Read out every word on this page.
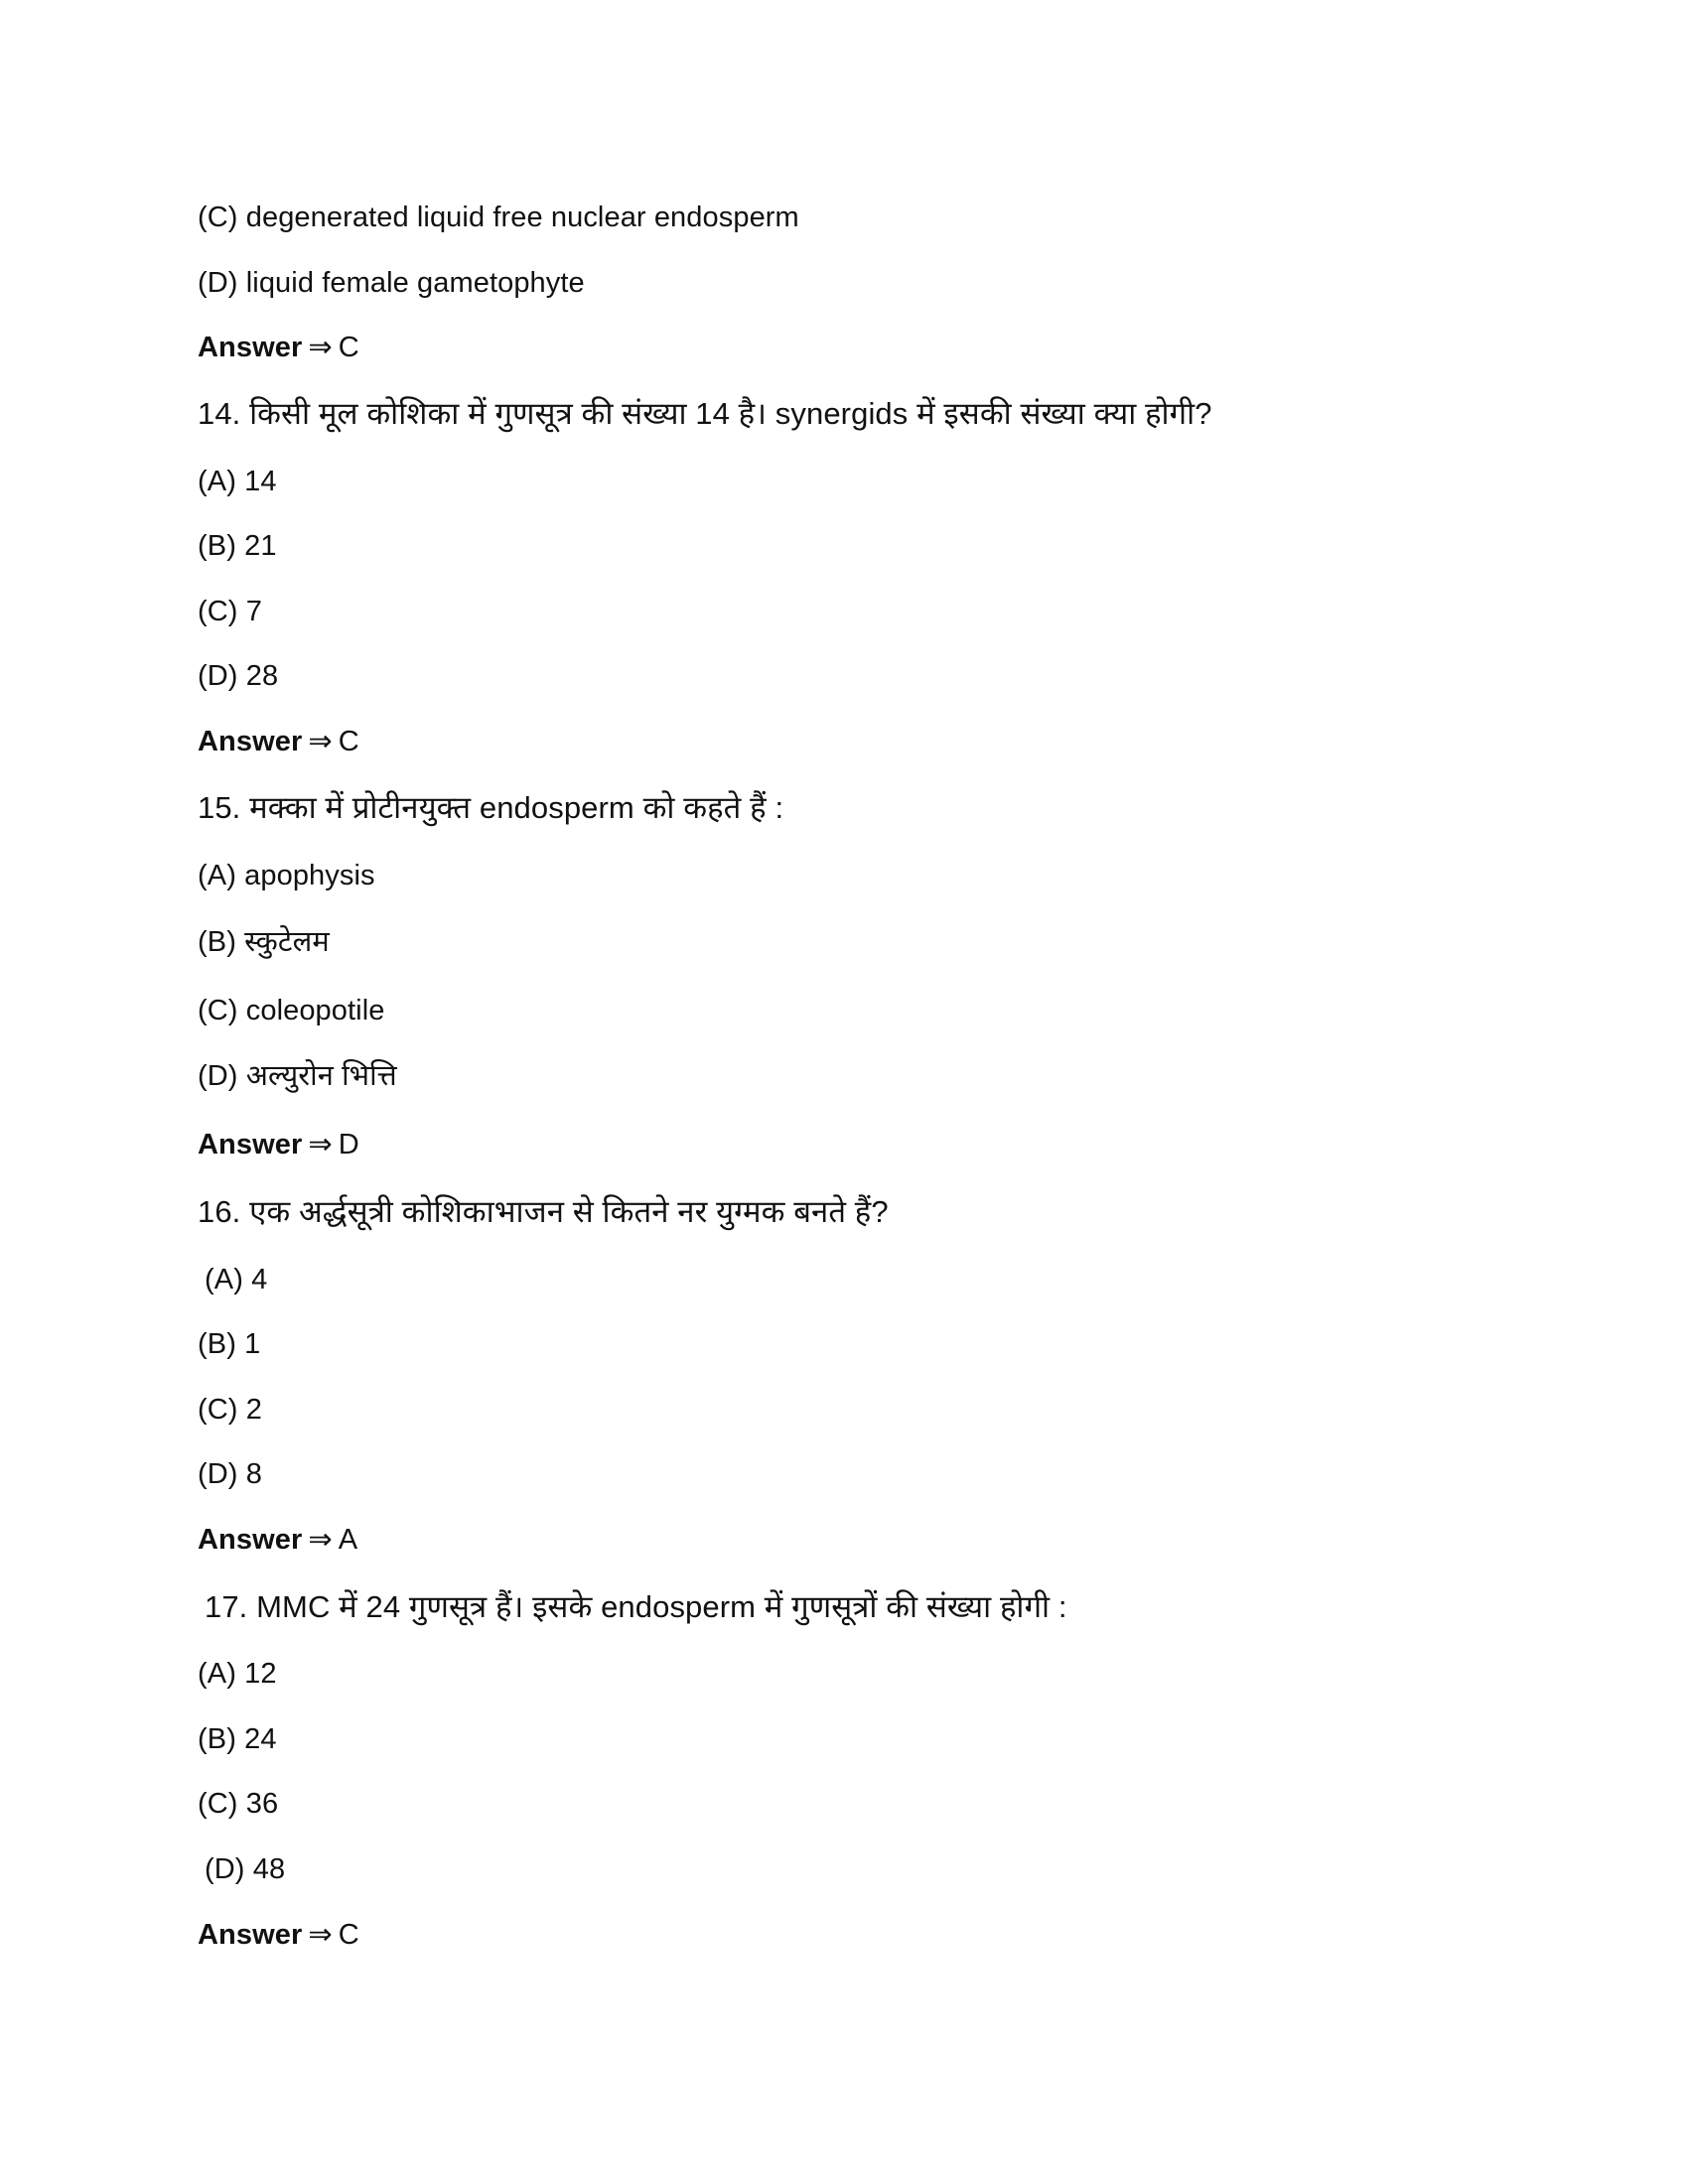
(C) degenerated liquid free nuclear endosperm
(D) liquid female gametophyte
Answer ⇒ C
14. किसी मूल कोशिका में गुणसूत्र की संख्या 14 है। synergids में इसकी संख्या क्या होगी?
(A) 14
(B) 21
(C) 7
(D) 28
Answer ⇒ C
15. मक्का में प्रोटीनयुक्त endosperm को कहते हैं :
(A) apophysis
(B) स्कुटेलम
(C) coleopotile
(D) अल्युरोन भित्ति
Answer ⇒ D
16. एक अर्द्धसूत्री कोशिकाभाजन से कितने नर युग्मक बनते हैं?
(A) 4
(B) 1
(C) 2
(D) 8
Answer ⇒ A
17. MMC में 24 गुणसूत्र हैं। इसके endosperm में गुणसूत्रों की संख्या होगी :
(A) 12
(B) 24
(C) 36
(D) 48
Answer ⇒ C
